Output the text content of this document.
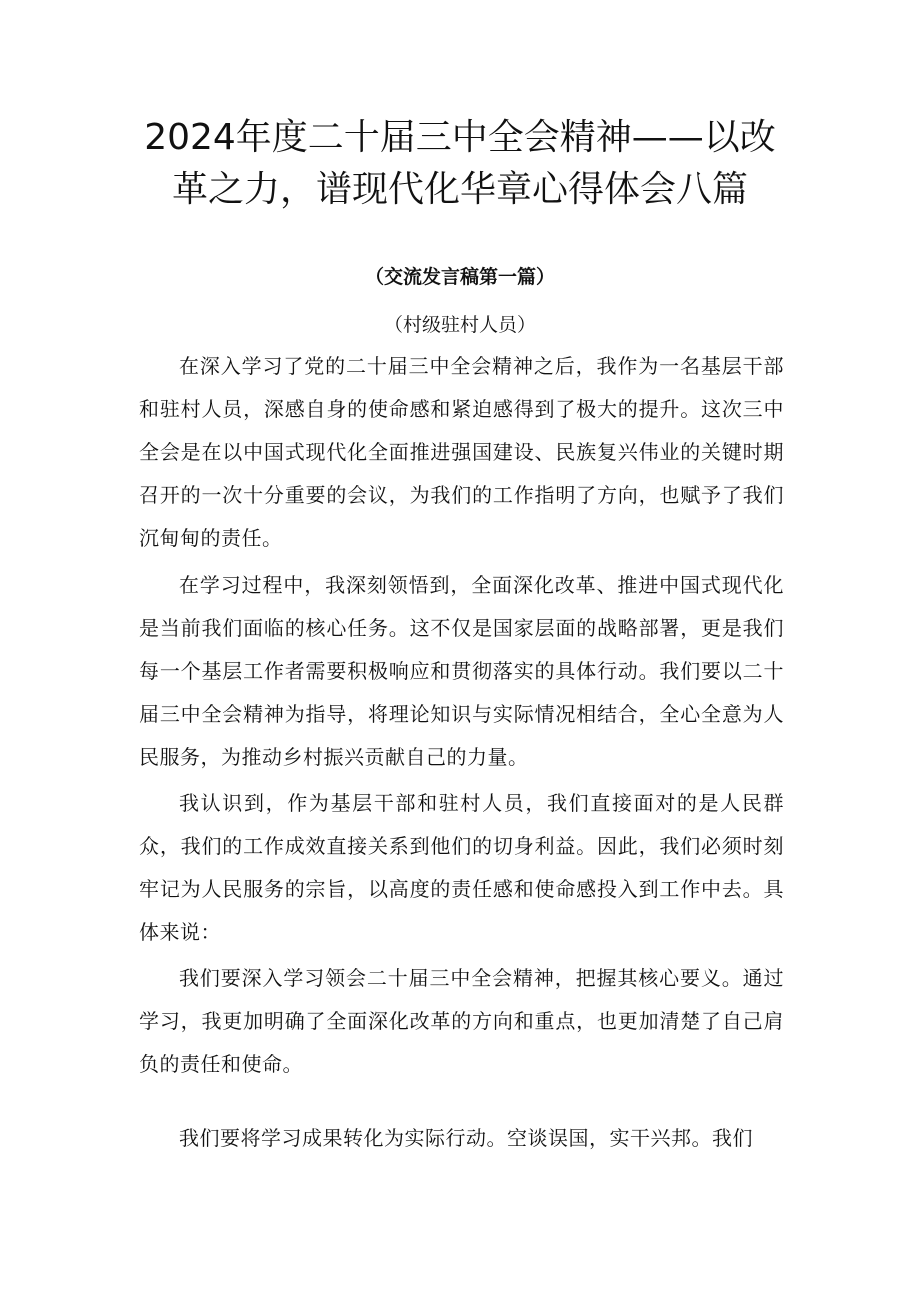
2024年度二十届三中全会精神——以改革之力，谱现代化华章心得体会八篇

（交流发言稿第一篇）

（村级驻村人员）

在深入学习了党的二十届三中全会精神之后，我作为一名基层干部和驻村人员，深感自身的使命感和紧迫感得到了极大的提升。这次三中全会是在以中国式现代化全面推进强国建设、民族复兴伟业的关键时期召开的一次十分重要的会议，为我们的工作指明了方向，也赋予了我们沉甸甸的责任。

在学习过程中，我深刻领悟到，全面深化改革、推进中国式现代化是当前我们面临的核心任务。这不仅是国家层面的战略部署，更是我们每一个基层工作者需要积极响应和贯彻落实的具体行动。我们要以二十届三中全会精神为指导，将理论知识与实际情况相结合，全心全意为人民服务，为推动乡村振兴贡献自己的力量。

我认识到，作为基层干部和驻村人员，我们直接面对的是人民群众，我们的工作成效直接关系到他们的切身利益。因此，我们必须时刻牢记为人民服务的宗旨，以高度的责任感和使命感投入到工作中去。具体来说：

我们要深入学习领会二十届三中全会精神，把握其核心要义。通过学习，我更加明确了全面深化改革的方向和重点，也更加清楚了自己肩负的责任和使命。

我们要将学习成果转化为实际行动。空谈误国，实干兴邦。我们
